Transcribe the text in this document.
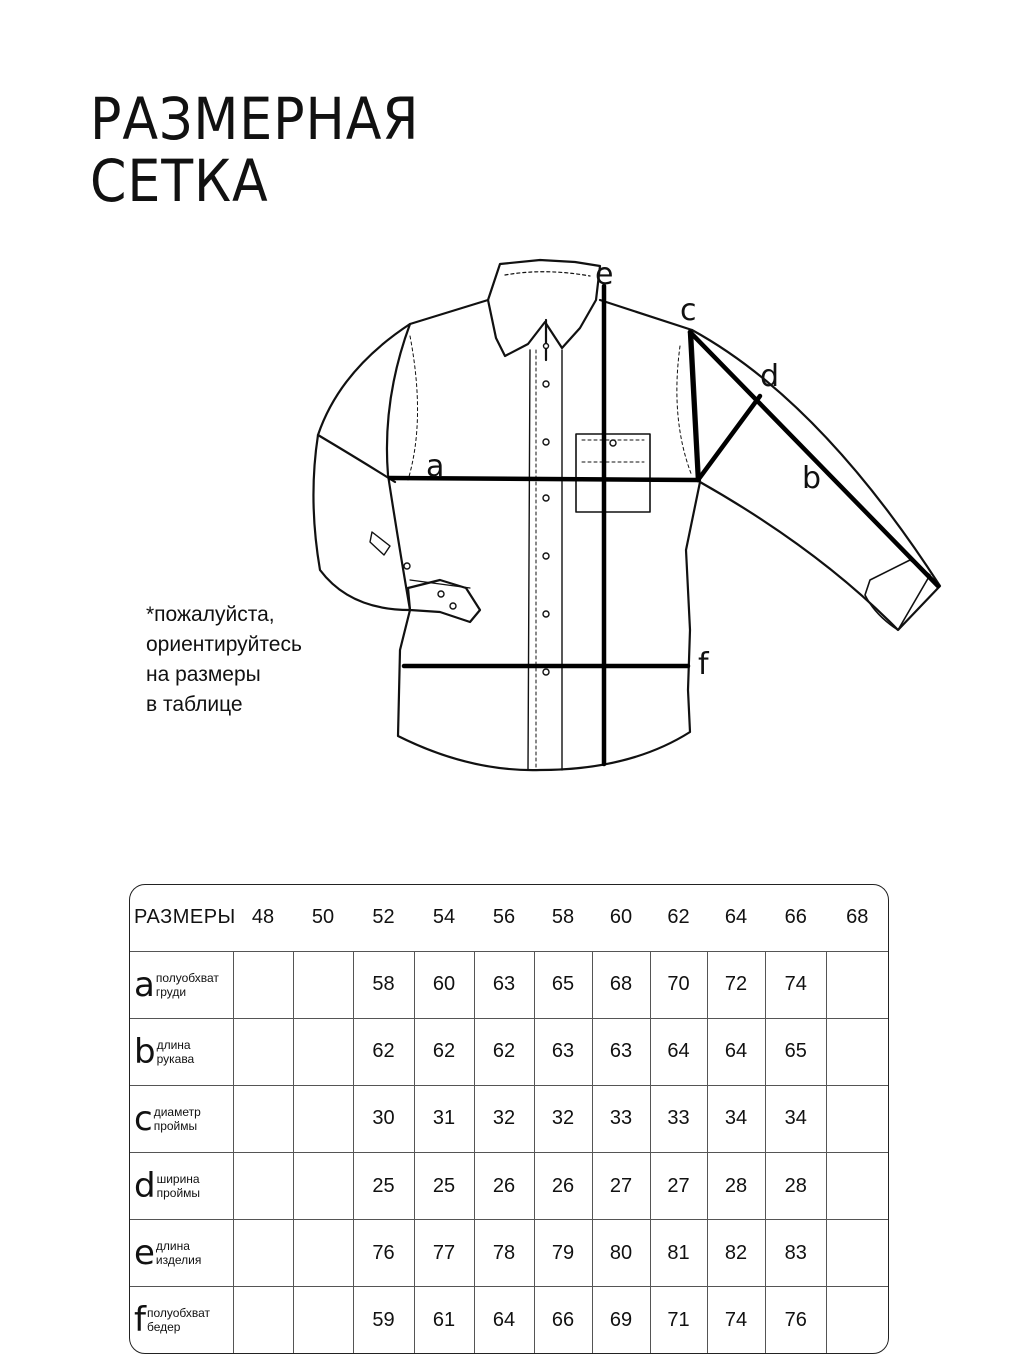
РАЗМЕРНАЯ
СЕТКА
a
e
c
d
b
f

*пожалуйста,
ориентируйтесь
на размеры
в таблице

РАЗМЕРЫ	48	50	52	54	56	58	60	62	64	66	68
a полуобхват
груди			58	60	63	65	68	70	72	74	
b длина
рукава			62	62	62	63	63	64	64	65	
c диаметр
проймы			30	31	32	32	33	33	34	34	
d ширина
проймы			25	25	26	26	27	27	28	28	
e длина
изделия			76	77	78	79	80	81	82	83	
f полуобхват
бедер			59	61	64	66	69	71	74	76	
